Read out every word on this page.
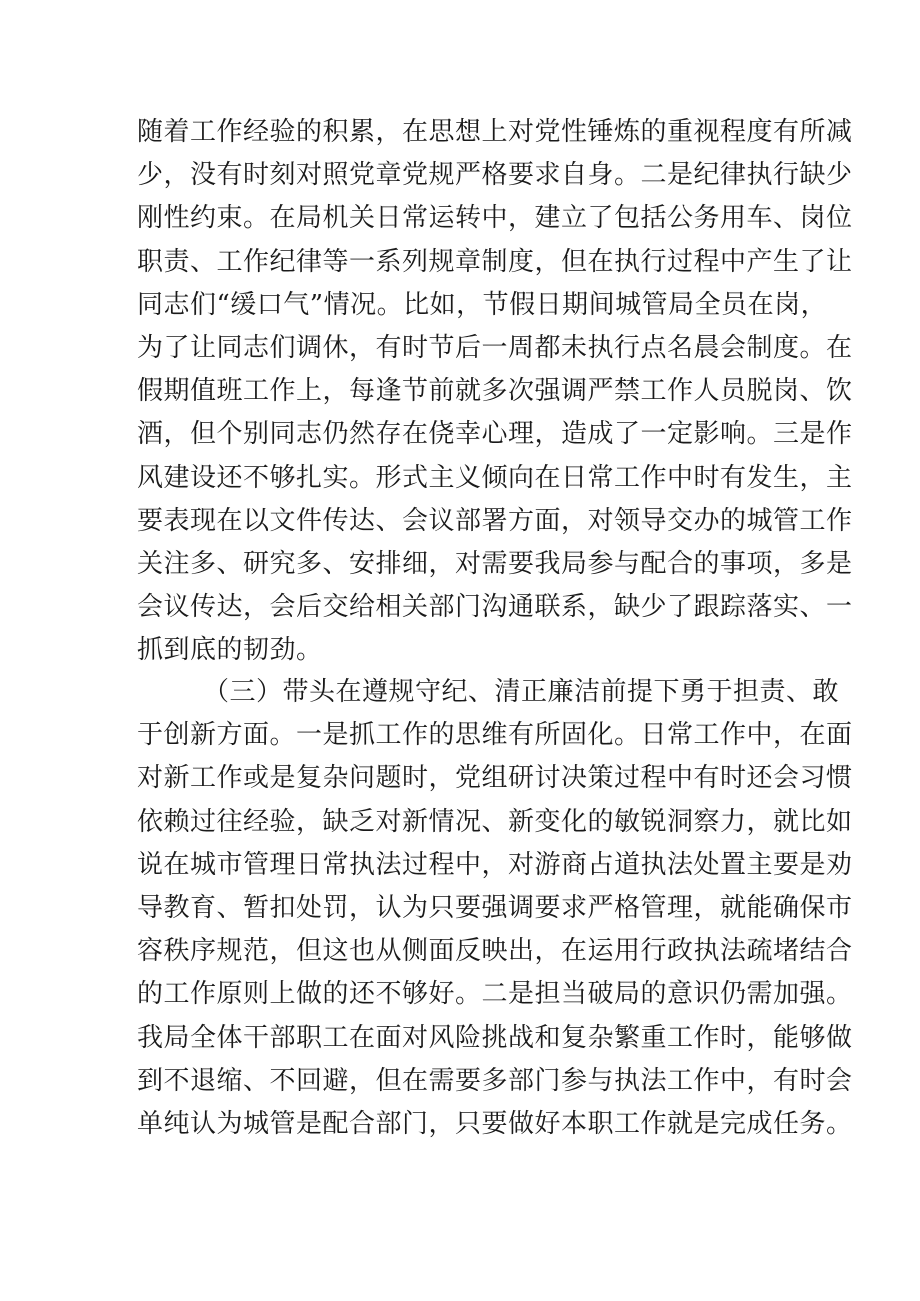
随着工作经验的积累，在思想上对党性锤炼的重视程度有所减
少，没有时刻对照党章党规严格要求自身。二是纪律执行缺少
刚性约束。在局机关日常运转中，建立了包括公务用车、岗位
职责、工作纪律等一系列规章制度，但在执行过程中产生了让
同志们“缓口气”情况。比如，节假日期间城管局全员在岗，
为了让同志们调休，有时节后一周都未执行点名晨会制度。在
假期值班工作上，每逢节前就多次强调严禁工作人员脱岗、饮
酒，但个别同志仍然存在侥幸心理，造成了一定影响。三是作
风建设还不够扎实。形式主义倾向在日常工作中时有发生，主
要表现在以文件传达、会议部署方面，对领导交办的城管工作
关注多、研究多、安排细，对需要我局参与配合的事项，多是
会议传达，会后交给相关部门沟通联系，缺少了跟踪落实、一
抓到底的韧劲。
（三）带头在遵规守纪、清正廉洁前提下勇于担责、敢
于创新方面。一是抓工作的思维有所固化。日常工作中，在面
对新工作或是复杂问题时，党组研讨决策过程中有时还会习惯
依赖过往经验，缺乏对新情况、新变化的敏锐洞察力，就比如
说在城市管理日常执法过程中，对游商占道执法处置主要是劝
导教育、暂扣处罚，认为只要强调要求严格管理，就能确保市
容秩序规范，但这也从侧面反映出，在运用行政执法疏堵结合
的工作原则上做的还不够好。二是担当破局的意识仍需加强。
我局全体干部职工在面对风险挑战和复杂繁重工作时，能够做
到不退缩、不回避，但在需要多部门参与执法工作中，有时会
单纯认为城管是配合部门，只要做好本职工作就是完成任务。
